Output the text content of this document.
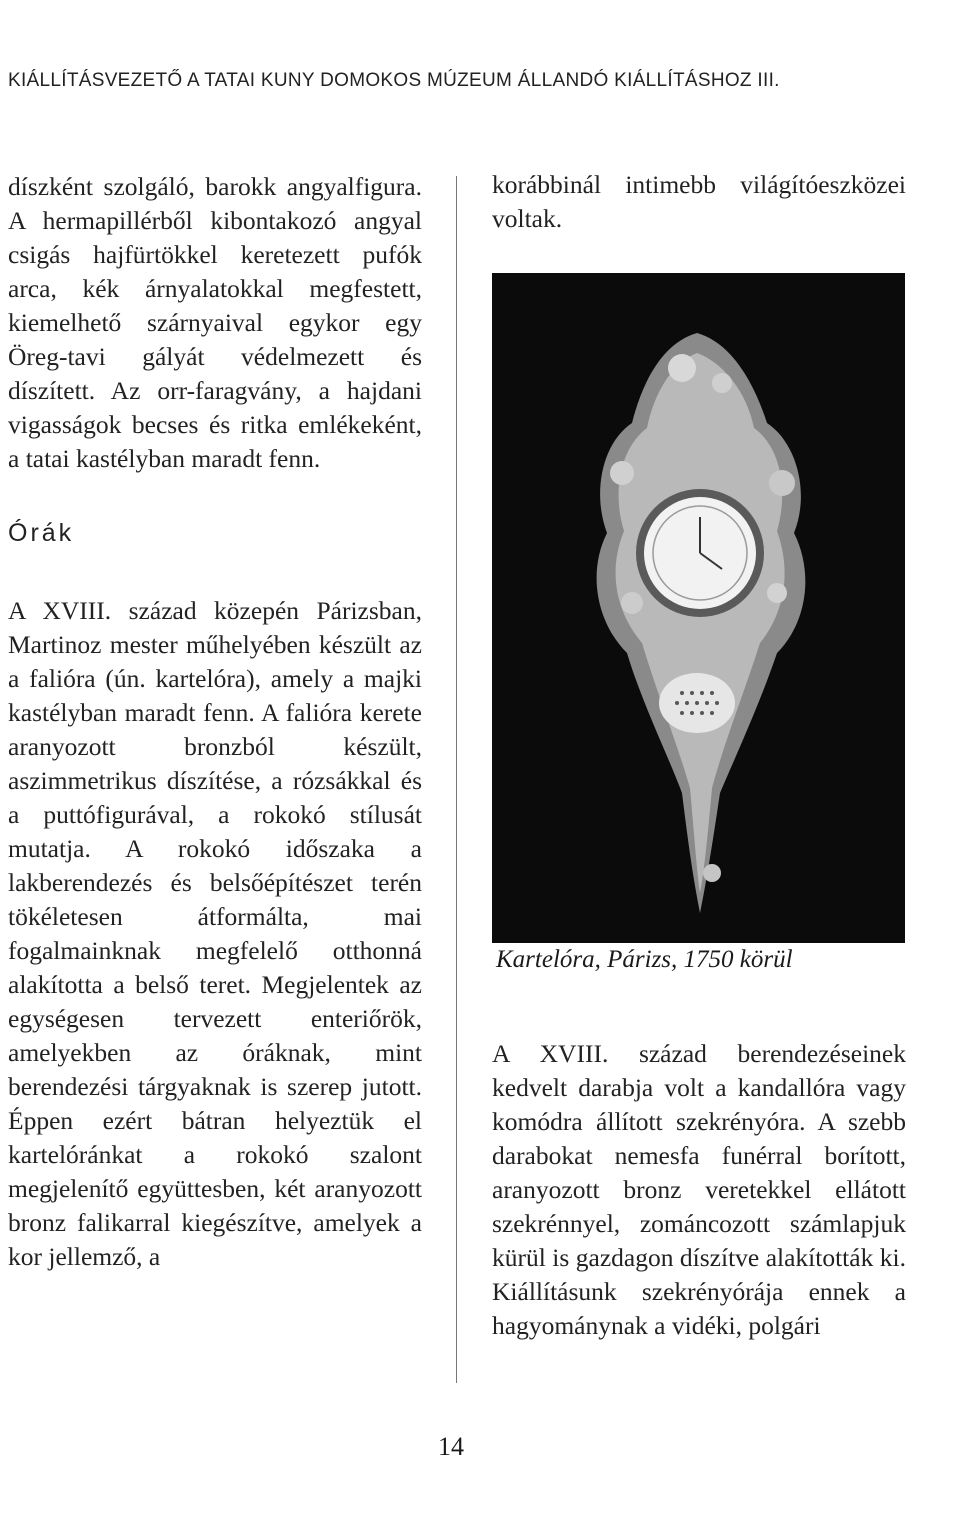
KIÁLLÍTÁSVEZETŐ A TATAI KUNY DOMOKOS MÚZEUM ÁLLANDÓ KIÁLLÍTÁSHOZ III.

díszként szolgáló, barokk angyalfigura. A hermapillérből kibontakozó angyal csigás hajfürtökkel keretezett pufók arca, kék árnyalatokkal megfestett, kiemelhető szárnyaival egykor egy Öreg-tavi gályát védelmezett és díszített. Az orr-faragvány, a hajdani vigasságok becses és ritka emlékeként, a tatai kastélyban maradt fenn.

Órák

A XVIII. század közepén Párizsban, Martinoz mester műhelyében készült az a falióra (ún. kartelóra), amely a majki kastélyban maradt fenn. A falióra kerete aranyozott bronzból készült, aszimmetrikus díszítése, a rózsákkal és a puttófigurával, a rokokó stílusát mutatja. A rokokó időszaka a lakberendezés és belsőépítészet terén tökéletesen átformálta, mai fogalmainknak megfelelő otthonná alakította a belső teret. Megjelentek az egységesen tervezett enteriőrök, amelyekben az óráknak, mint berendezési tárgyaknak is szerep jutott. Éppen ezért bátran helyeztük el kartelóránkat a rokokó szalont megjelenítő együttesben, két aranyozott bronz falikarral kiegészítve, amelyek a kor jellemző, a

korábbinál intimebb világítóeszközei voltak.

Kartelóra, Párizs, 1750 körül

A XVIII. század berendezéseinek kedvelt darabja volt a kandallóra vagy komódra állított szekrényóra. A szebb darabokat nemesfa funérral borított, aranyozott bronz veretekkel ellátott szekrénnyel, zománcozott számlapjuk kürül is gazdagon díszítve alakították ki. Kiállításunk szekrényórája ennek a hagyománynak a vidéki, polgári

14
